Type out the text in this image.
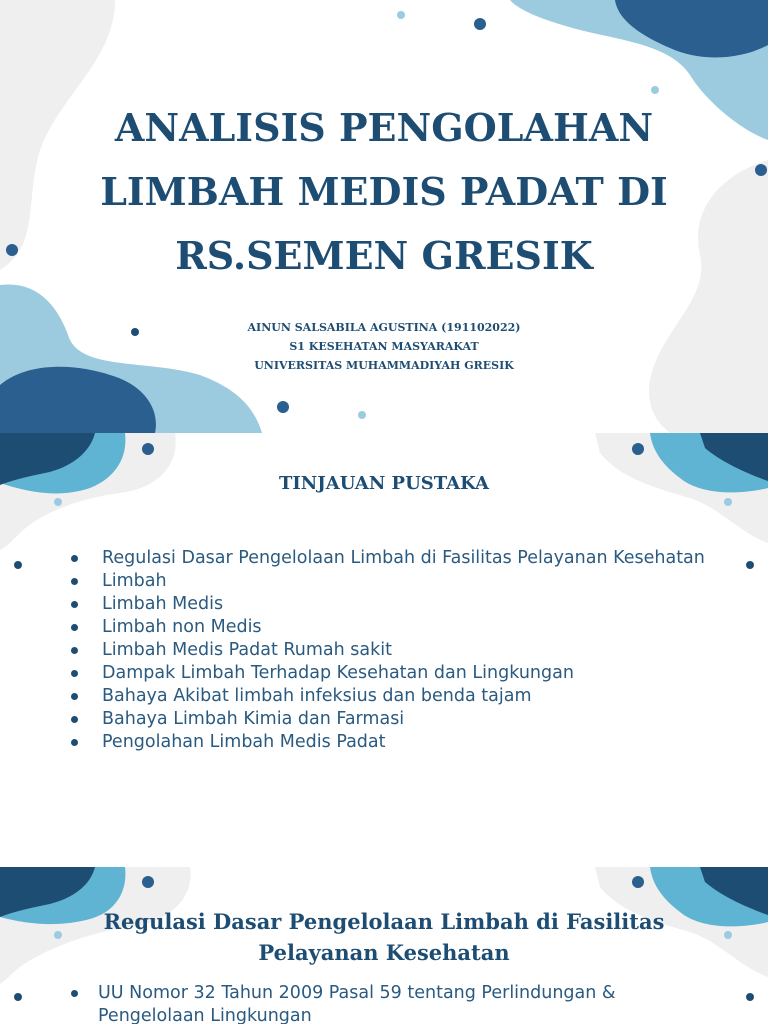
ANALISIS PENGOLAHAN
LIMBAH MEDIS PADAT DI
RS.SEMEN GRESIK
AINUN SALSABILA AGUSTINA (191102022)
S1 KESEHATAN MASYARAKAT
UNIVERSITAS MUHAMMADIYAH GRESIK
TINJAUAN PUSTAKA
Regulasi Dasar Pengelolaan Limbah di Fasilitas Pelayanan Kesehatan
Limbah
Limbah Medis
Limbah non Medis
Limbah Medis Padat Rumah sakit
Dampak Limbah Terhadap Kesehatan dan Lingkungan
Bahaya Akibat limbah infeksius dan benda tajam
Bahaya Limbah Kimia dan Farmasi
Pengolahan Limbah Medis Padat
Regulasi Dasar Pengelolaan Limbah di Fasilitas Pelayanan Kesehatan
UU Nomor 32 Tahun 2009 Pasal 59 tentang Perlindungan & Pengelolaan Lingkungan
